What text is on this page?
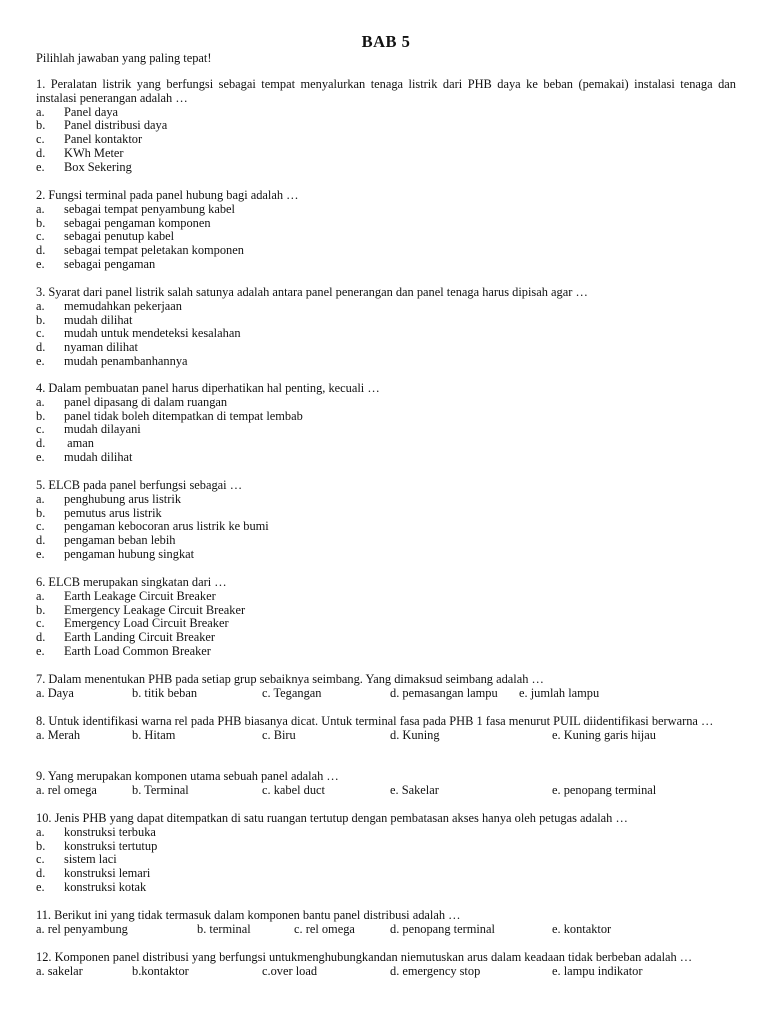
BAB 5
Pilihlah jawaban yang paling tepat!
1. Peralatan listrik yang berfungsi sebagai tempat menyalurkan tenaga listrik dari PHB daya ke beban (pemakai) instalasi tenaga dan instalasi penerangan adalah …
a. Panel daya
b. Panel distribusi daya
c. Panel kontaktor
d. KWh Meter
e. Box Sekering
2. Fungsi terminal pada panel hubung bagi adalah …
a. sebagai tempat penyambung kabel
b. sebagai pengaman komponen
c. sebagai penutup kabel
d. sebagai tempat peletakan komponen
e. sebagai pengaman
3. Syarat dari panel listrik salah satunya adalah antara panel penerangan dan panel tenaga harus dipisah agar …
a. memudahkan pekerjaan
b. mudah dilihat
c. mudah untuk mendeteksi kesalahan
d. nyaman dilihat
e. mudah penambanhannya
4. Dalam pembuatan panel harus diperhatikan hal penting, kecuali …
a. panel dipasang di dalam ruangan
b. panel tidak boleh ditempatkan di tempat lembab
c. mudah dilayani
d. aman
e. mudah dilihat
5. ELCB pada panel berfungsi sebagai …
a. penghubung arus listrik
b. pemutus arus listrik
c. pengaman kebocoran arus listrik ke bumi
d. pengaman beban lebih
e. pengaman hubung singkat
6. ELCB merupakan singkatan dari …
a. Earth Leakage Circuit Breaker
b. Emergency Leakage Circuit Breaker
c. Emergency Load Circuit Breaker
d. Earth Landing Circuit Breaker
e. Earth Load Common Breaker
7. Dalam menentukan PHB pada setiap grup sebaiknya seimbang. Yang dimaksud seimbang adalah …
a. Daya	b. titik beban	c. Tegangan	d. pemasangan lampu e. jumlah lampu
8. Untuk identifikasi warna rel pada PHB biasanya dicat. Untuk terminal fasa pada PHB 1 fasa menurut PUIL diidentifikasi berwarna …
a. Merah	b. Hitam	c. Biru	d. Kuning	e. Kuning garis hijau
9. Yang merupakan komponen utama sebuah panel adalah …
a. rel omega	b. Terminal	c. kabel duct	e. Sakelar	e. penopang terminal
10. Jenis PHB yang dapat ditempatkan di satu ruangan tertutup dengan pembatasan akses hanya oleh petugas adalah …
a. konstruksi terbuka
b. konstruksi tertutup
c. sistem laci
d. konstruksi lemari
e. konstruksi kotak
11. Berikut ini yang tidak termasuk dalam komponen bantu panel distribusi adalah …
a. rel penyambung	b. terminal	c. rel omega	d. penopang terminal	e. kontaktor
12. Komponen panel distribusi yang berfungsi untukmenghubungkandan niemutuskan arus dalam keadaan tidak berbeban adalah …
a. sakelar	b.kontaktor	c.over load	d. emergency stop	e. lampu indikator
